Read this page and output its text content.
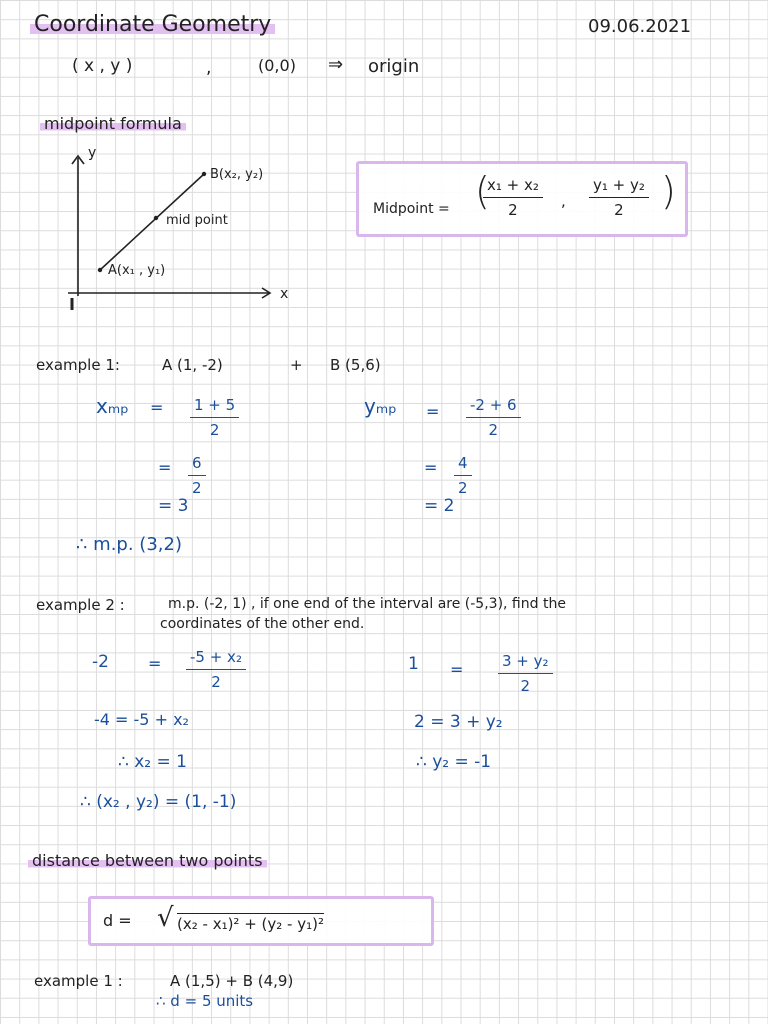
Coordinate Geometry	09.06.2021
( x , y )	,	(0,0) ⇒ origin
midpoint formula
y
x
B(x₂, y₂)
mid point
A(x₁ , y₁)
Midpoint = (
$\frac{\text{x₁ + x₂}}{2}$ , $\frac{\text{y₁ + y₂}}{2}$ )
example 1:	A (1, -2)	+ B (5,6)
$x_{mp} = \frac{1 + 5}{2}$
= $\frac{6}{2}$
= 3
$y_{mp} = \frac{-2 + 6}{2}$
= $\frac{4}{2}$
= 2
∴ m.p. (3,2)
example 2 :	m.p. (-2, 1) , if one end of the interval are (-5,3), find the
coordinates of the other end.
$-2 = \frac{\text{-5 + x₂}}{2}$
-4 = -5 + x₂
∴ x₂ = 1
$1 = \frac{\text{3 + y₂}}{2}$
2 = 3 + y₂
∴ y₂ = -1
∴ (x₂ , y₂) = (1, -1)
distance between two points
d = √ (x₂ - x₁)² + (y₂ - y₁)²
example 1 :	A (1,5) + B (4,9)
∴ d = 5 units
